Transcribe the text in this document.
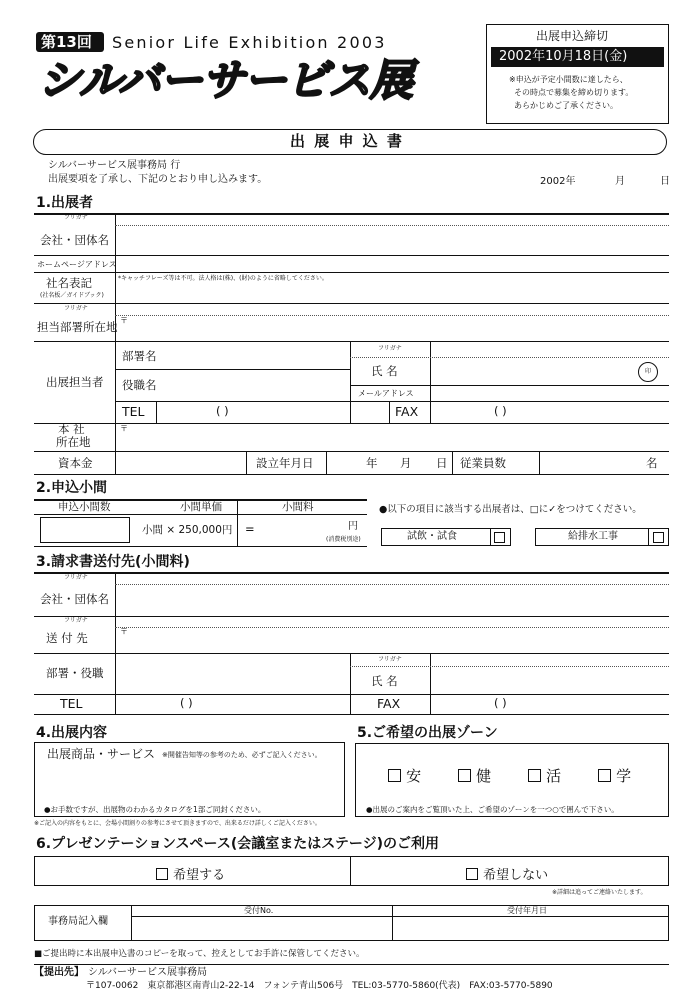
第13回 Senior Life Exhibition 2003
シルバーサービス展
出展申込締切
2002年10月18日(金)
※申込が予定小間数に達したら、
その時点で募集を締め切ります。
あらかじめご了承ください。
出 展 申 込 書
シルバーサービス展事務局 行
出展要項を了承し、下記のとおり申し込みます。	2002年	月	日
1.出展者
フリガナ
会社・団体名
ホームページアドレス
社名表記
(社名板／ガイドブック)
*キャッチフレーズ等は不可。法人格は(株)、(財)のように省略してください。
フリガナ
担当部署所在地 〒
出展担当者
部署名
役職名
フリガナ
氏 名	印
メールアドレス
TEL	( )	FAX	( )
本 社
所在地
〒
資本金	設立年月日	年 月 日 従業員数	名
2.申込小間
申込小間数	小間単価	小間料
小間 × 250,000円 =	円
(消費税別途)
●以下の項目に該当する出展者は、□に✓をつけてください。
試飲・試食	給排水工事
3.請求書送付先(小間料)
フリガナ
会社・団体名
フリガナ
送 付 先	〒
部署・役職
フリガナ
氏 名
TEL	( )	FAX	( )
4.出展内容
出展商品・サービス ※開催告知等の参考のため、必ずご記入ください。
●お手数ですが、出展物のわかるカタログを1部ご同封ください。
※ご記入の内容をもとに、会場小間割りの参考にさせて頂きますので、出来るだけ詳しくご記入ください。
5.ご希望の出展ゾーン
安	健	活	学
●出展のご案内をご覧頂いた上、ご希望のゾーンを一つ○で囲んで下さい。
6.プレゼンテーションスペース(会議室またはステージ)のご利用
希望する	希望しない
※詳細は追ってご連絡いたします。
事務局記入欄
受付No.	受付年月日
■ご提出時に本出展申込書のコピーを取って、控えとしてお手許に保管してください。
【提出先】 シルバーサービス展事務局
〒107-0062　東京都港区南青山2-22-14　フォンテ青山506号　TEL:03-5770-5860(代表)　FAX:03-5770-5890
